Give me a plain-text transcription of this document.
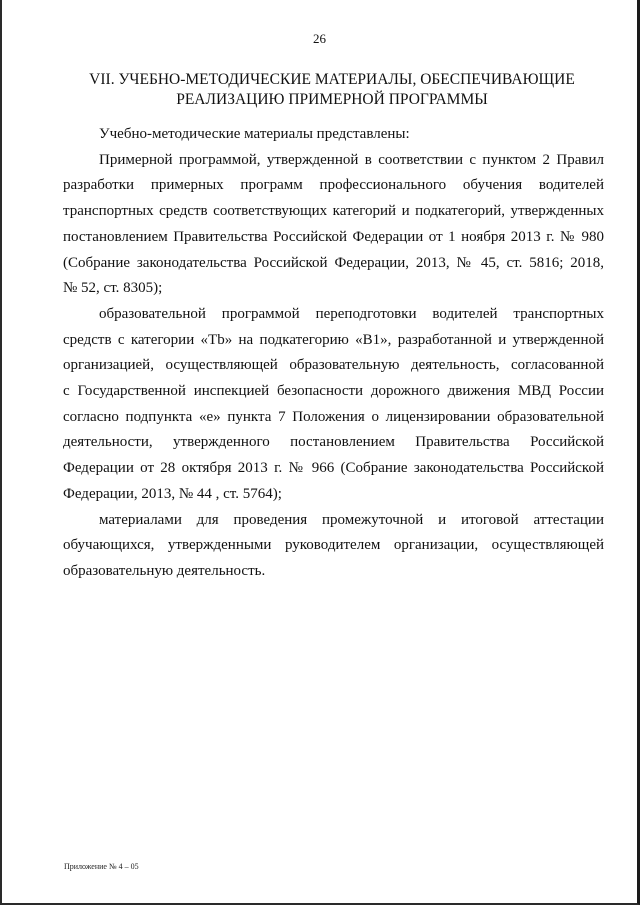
26
VII. УЧЕБНО-МЕТОДИЧЕСКИЕ МАТЕРИАЛЫ, ОБЕСПЕЧИВАЮЩИЕ
РЕАЛИЗАЦИЮ ПРИМЕРНОЙ ПРОГРАММЫ
Учебно-методические материалы представлены:
Примерной программой, утвержденной в соответствии с пунктом 2 Правил
разработки примерных программ профессионального обучения водителей
транспортных средств соответствующих категорий и подкатегорий, утвержденных
постановлением Правительства Российской Федерации от 1 ноября 2013 г. № 980
(Собрание законодательства Российской Федерации, 2013, № 45, ст. 5816; 2018,
№ 52, ст. 8305);
образовательной программой переподготовки водителей транспортных
средств с категории «Tb» на подкатегорию «B1», разработанной и утвержденной
организацией, осуществляющей образовательную деятельность, согласованной
с Государственной инспекцией безопасности дорожного движения МВД России
согласно подпункта «е» пункта 7 Положения о лицензировании образовательной
деятельности, утвержденного постановлением Правительства Российской
Федерации от 28 октября 2013 г. № 966 (Собрание законодательства Российской
Федерации, 2013, № 44 , ст. 5764);
материалами для проведения промежуточной и итоговой аттестации
обучающихся, утвержденными руководителем организации, осуществляющей
образовательную деятельность.
Приложение № 4 – 05
